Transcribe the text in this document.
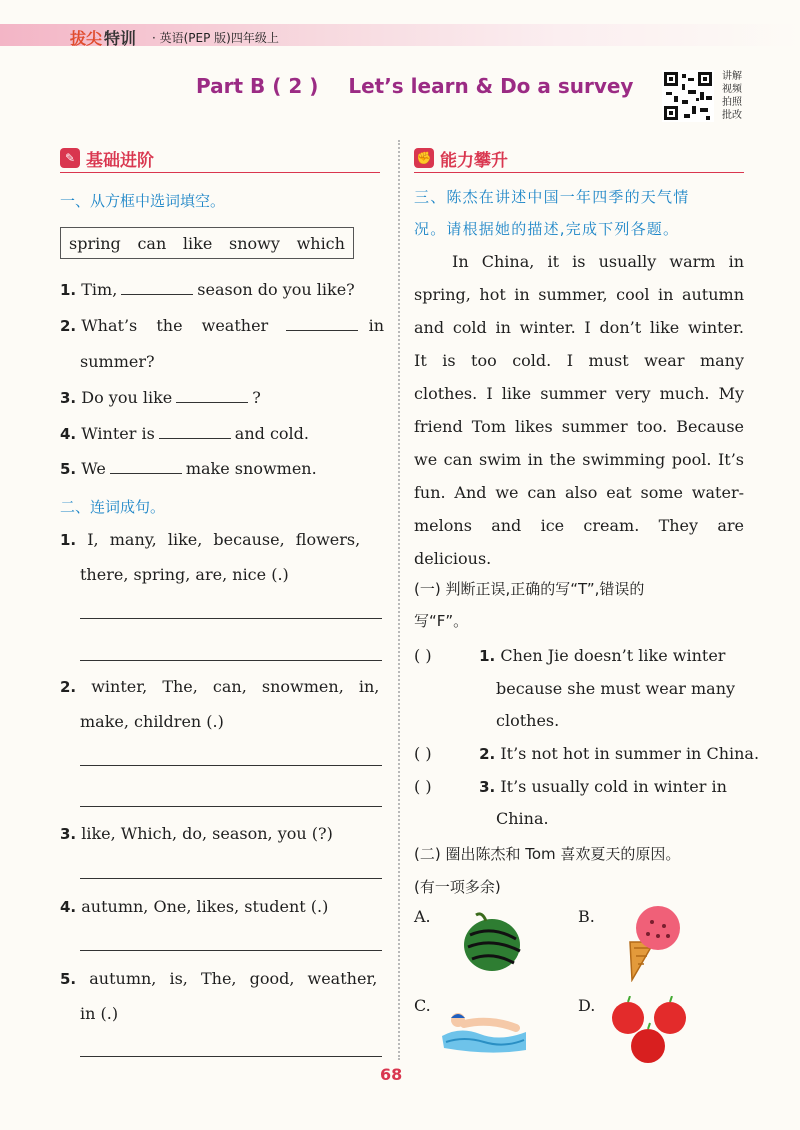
拔尖 特训 · 英语(PEP 版)四年级上
Part B ( 2 ) Let’s learn & Do a survey	讲解视频 拍照批改
✎ 基础进阶
一、从方框中选词填空。
spring can like snowy which
1. Tim,	season do you like?
2. What’s the weather	in
summer?
3. Do you like	?
4. Winter is	and cold.
5. We	make snowmen.
二、连词成句。
1. I, many, like, because, flowers,
there, spring, are, nice (.)
2. winter, The, can, snowmen, in,
make, children (.)
3. like, Which, do, season, you (?)
4. autumn, One, likes, student (.)
5. autumn, is, The, good, weather,
in (.)
✊ 能力攀升
三、陈杰在讲述中国一年四季的天气情
况。请根据她的描述,完成下列各题。
In China, it is usually warm in
spring, hot in summer, cool in autumn
and cold in winter. I don’t like winter.
It is too cold. I must wear many
clothes. I like summer very much. My
friend Tom likes summer too. Because
we can swim in the swimming pool. It’s
fun. And we can also eat some water-
melons and ice cream. They are
delicious.
(一) 判断正误,正确的写“T”,错误的
写“F”。
( )	1. Chen Jie doesn’t like winter
because she must wear many
clothes.
( )	2. It’s not hot in summer in China.
( )	3. It’s usually cold in winter in
China.
(二) 圈出陈杰和 Tom 喜欢夏天的原因。
(有一项多余)
A.	B.
C.	D.
68
